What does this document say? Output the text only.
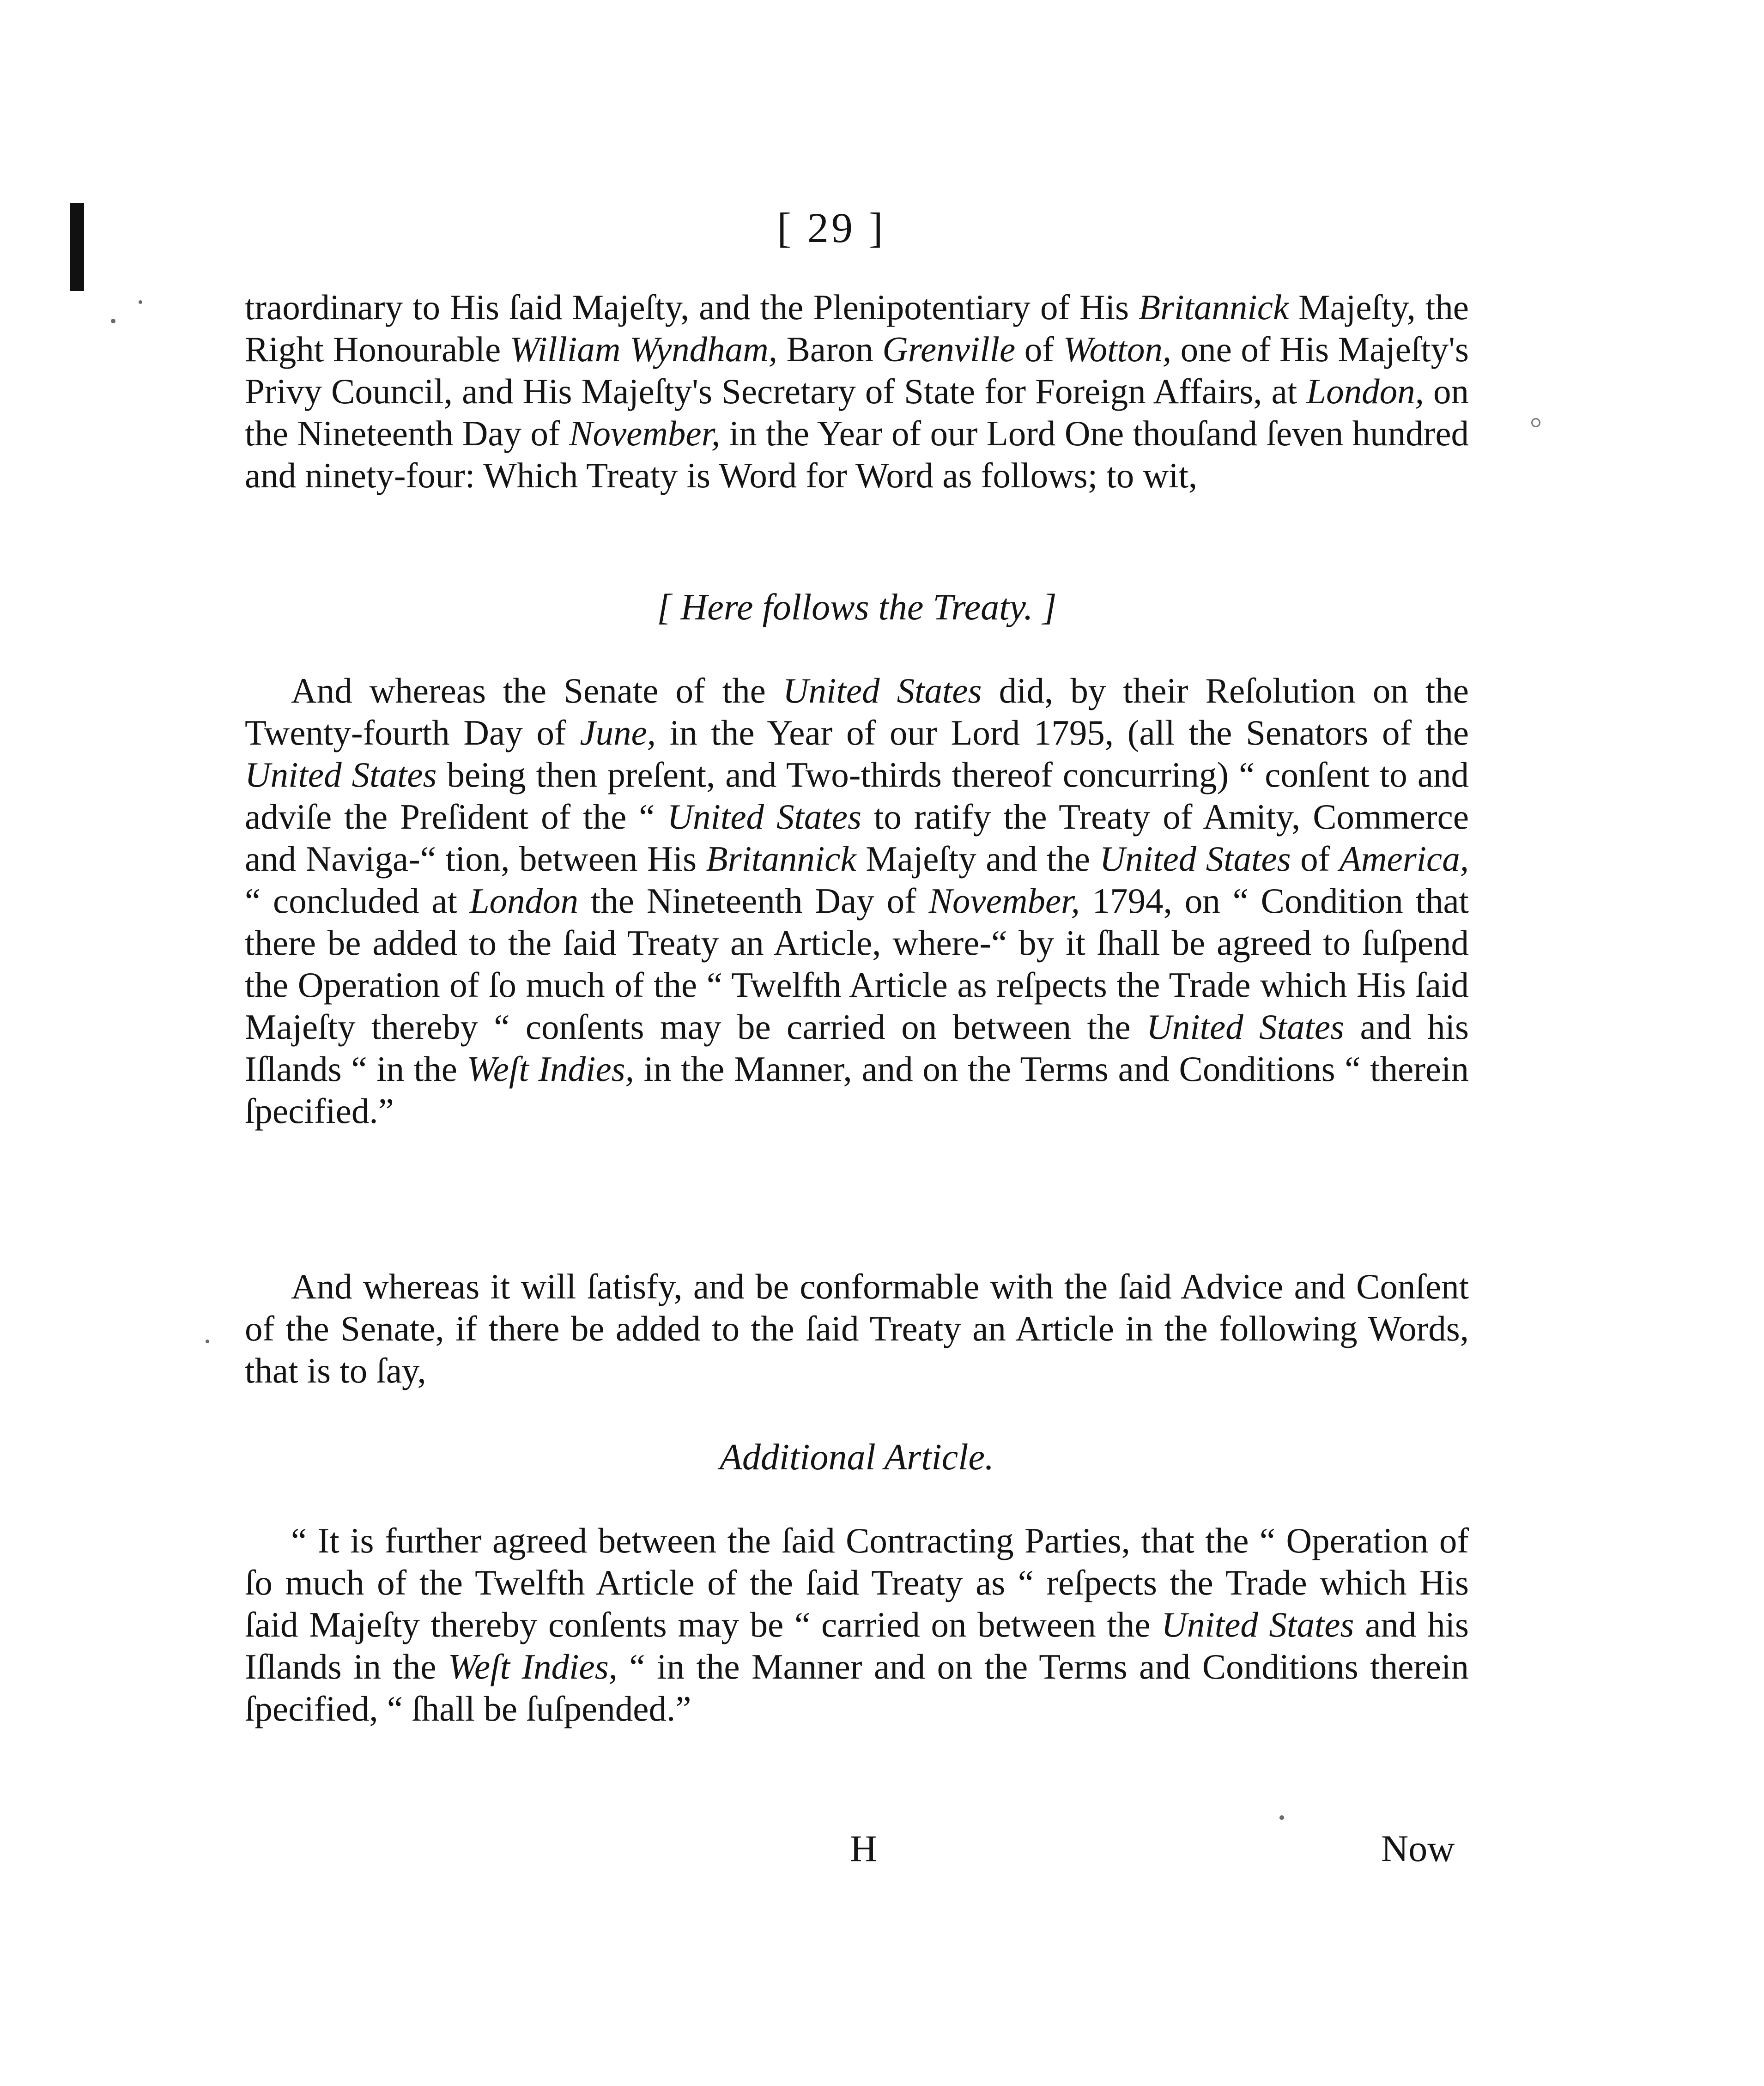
[ 29 ]

traordinary to His ſaid Majeſty, and the Plenipotentiary of His Britannick Majeſty, the Right Honourable William Wyndham, Baron Grenville of Wotton, one of His Majeſty's Privy Council, and His Majeſty's Secretary of State for Foreign Affairs, at London, on the Nineteenth Day of November, in the Year of our Lord One thouſand ſeven hundred and ninety-four: Which Treaty is Word for Word as follows; to wit,

[ Here follows the Treaty. ]

And whereas the Senate of the United States did, by their Reſolution on the Twenty-fourth Day of June, in the Year of our Lord 1795, (all the Senators of the United States being then preſent, and Two-thirds thereof concurring) “ conſent to and adviſe the Preſident of the “ United States to ratify the Treaty of Amity, Commerce and Naviga-“ tion, between His Britannick Majeſty and the United States of America, “ concluded at London the Nineteenth Day of November, 1794, on “ Condition that there be added to the ſaid Treaty an Article, where-“ by it ſhall be agreed to ſuſpend the Operation of ſo much of the “ Twelfth Article as reſpects the Trade which His ſaid Majeſty thereby “ conſents may be carried on between the United States and his Iſlands “ in the Weſt Indies, in the Manner, and on the Terms and Conditions “ therein ſpecified.”

And whereas it will ſatisfy, and be conformable with the ſaid Advice and Conſent of the Senate, if there be added to the ſaid Treaty an Article in the following Words, that is to ſay,

Additional Article.

“ It is further agreed between the ſaid Contracting Parties, that the “ Operation of ſo much of the Twelfth Article of the ſaid Treaty as “ reſpects the Trade which His ſaid Majeſty thereby conſents may be “ carried on between the United States and his Iſlands in the Weſt Indies, “ in the Manner and on the Terms and Conditions therein ſpecified, “ ſhall be ſuſpended.”

H	Now
